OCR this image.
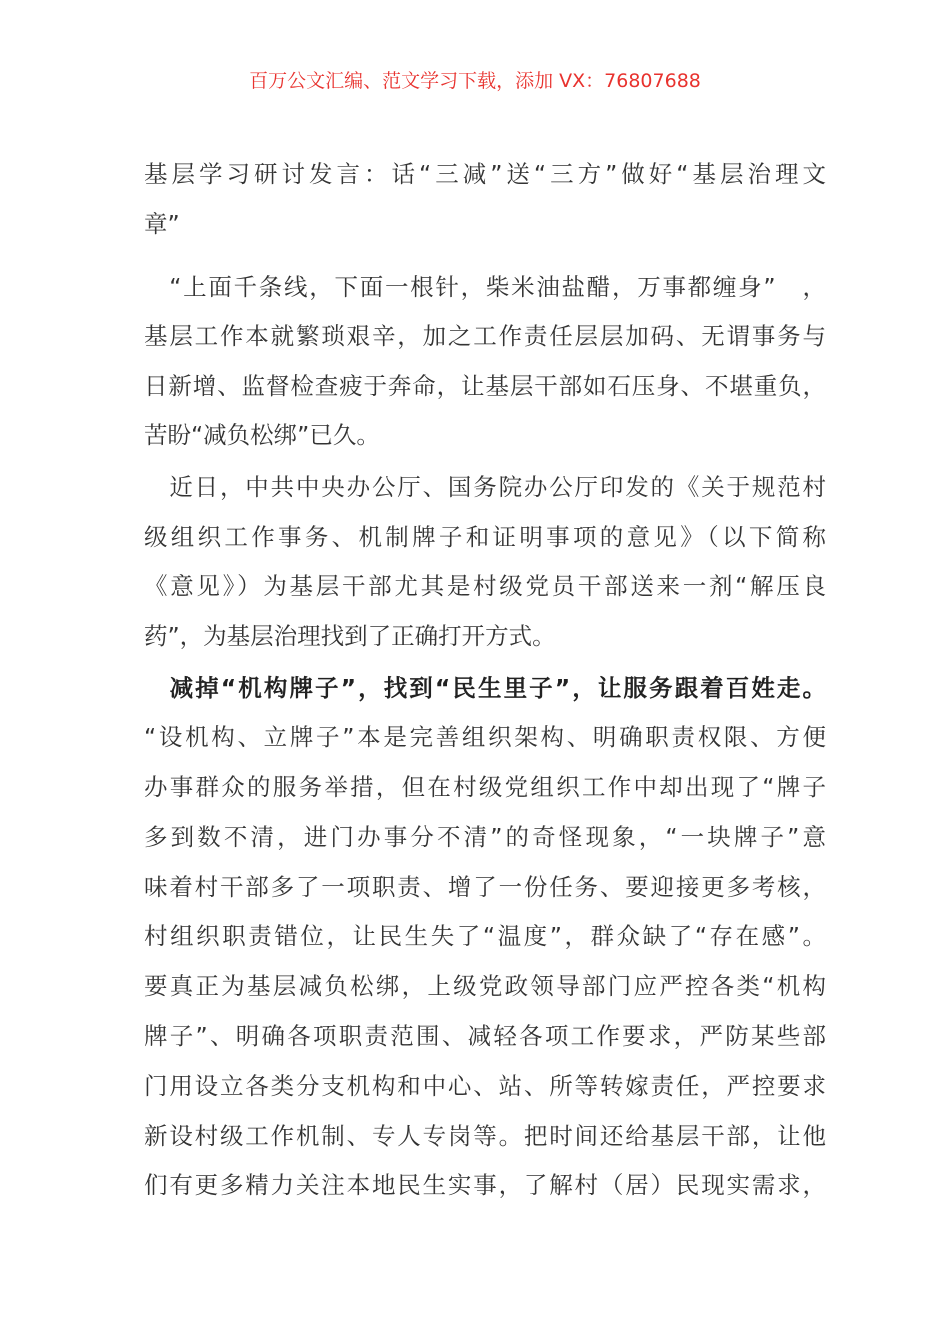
百万公文汇编、范文学习下载，添加 VX：76807688
基层学习研讨发言：话“三减”送“三方”做好“基层治理文
章”
　“上面千条线，下面一根针，柴米油盐醋，万事都缠身”　，
基层工作本就繁琐艰辛，加之工作责任层层加码、无谓事务与
日新增、监督检查疲于奔命，让基层干部如石压身、不堪重负，
苦盼“减负松绑”已久。
　近日，中共中央办公厅、国务院办公厅印发的《关于规范村
级组织工作事务、机制牌子和证明事项的意见》（以下简称
《意见》）为基层干部尤其是村级党员干部送来一剂“解压良
药”，为基层治理找到了正确打开方式。
　减掉“机构牌子”，找到“民生里子”，让服务跟着百姓走。
“设机构、立牌子”本是完善组织架构、明确职责权限、方便
办事群众的服务举措，但在村级党组织工作中却出现了“牌子
多到数不清，进门办事分不清”的奇怪现象，“一块牌子”意
味着村干部多了一项职责、增了一份任务、要迎接更多考核，
村组织职责错位，让民生失了“温度”，群众缺了“存在感”。
要真正为基层减负松绑，上级党政领导部门应严控各类“机构
牌子”、明确各项职责范围、减轻各项工作要求，严防某些部
门用设立各类分支机构和中心、站、所等转嫁责任，严控要求
新设村级工作机制、专人专岗等。把时间还给基层干部，让他
们有更多精力关注本地民生实事，了解村（居）民现实需求，
